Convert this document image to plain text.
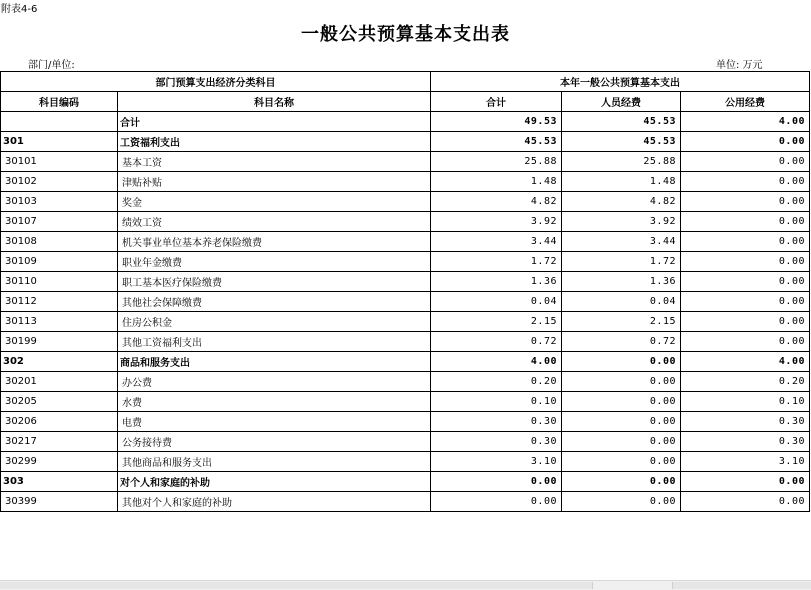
附表4-6
一般公共预算基本支出表
部门/单位:	单位: 万元
部门预算支出经济分类科目		本年一般公共预算基本支出		
科目编码	科目名称	合计	人员经费	公用经费
	合计	49.53	45.53	4.00
301	工资福利支出	45.53	45.53	0.00
30101	基本工资	25.88	25.88	0.00
30102	津贴补贴	1.48	1.48	0.00
30103	奖金	4.82	4.82	0.00
30107	绩效工资	3.92	3.92	0.00
30108	机关事业单位基本养老保险缴费	3.44	3.44	0.00
30109	职业年金缴费	1.72	1.72	0.00
30110	职工基本医疗保险缴费	1.36	1.36	0.00
30112	其他社会保障缴费	0.04	0.04	0.00
30113	住房公积金	2.15	2.15	0.00
30199	其他工资福利支出	0.72	0.72	0.00
302	商品和服务支出	4.00	0.00	4.00
30201	办公费	0.20	0.00	0.20
30205	水费	0.10	0.00	0.10
30206	电费	0.30	0.00	0.30
30217	公务接待费	0.30	0.00	0.30
30299	其他商品和服务支出	3.10	0.00	3.10
303	对个人和家庭的补助	0.00	0.00	0.00
30399	其他对个人和家庭的补助	0.00	0.00	0.00
